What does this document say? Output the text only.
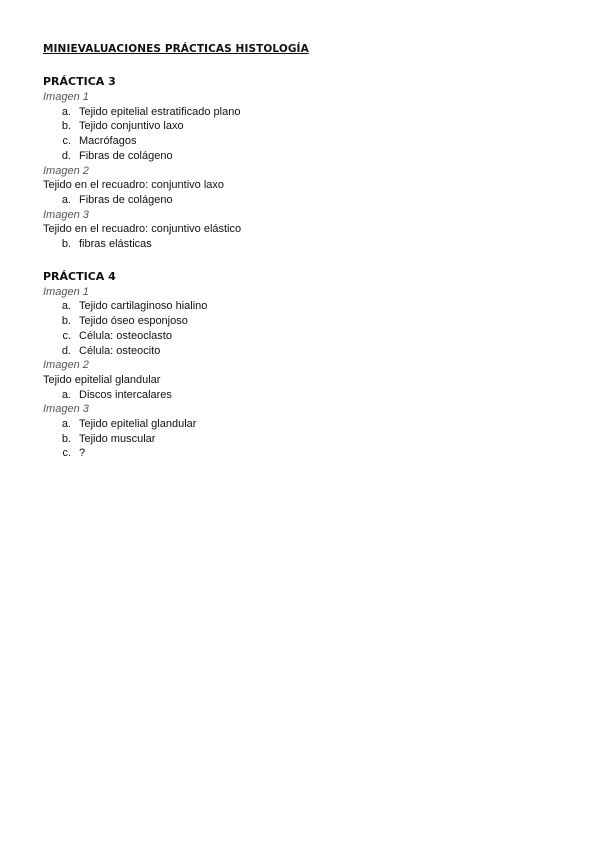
MINIEVALUACIONES PRÁCTICAS HISTOLOGÍA
PRÁCTICA 3

Imagen 1

a. Tejido epitelial estratificado plano
b. Tejido conjuntivo laxo
c. Macrófagos
d. Fibras de colágeno

Imagen 2

Tejido en el recuadro: conjuntivo laxo

a. Fibras de colágeno

Imagen 3

Tejido en el recuadro: conjuntivo elástico

b. fibras elásticas
PRÁCTICA 4

Imagen 1

a. Tejido cartilaginoso hialino
b. Tejido óseo esponjoso
c. Célula: osteoclasto
d. Célula: osteocito

Imagen 2

Tejido epitelial glandular

a. Discos intercalares

Imagen 3

a. Tejido epitelial glandular
b. Tejido muscular
c. ?
